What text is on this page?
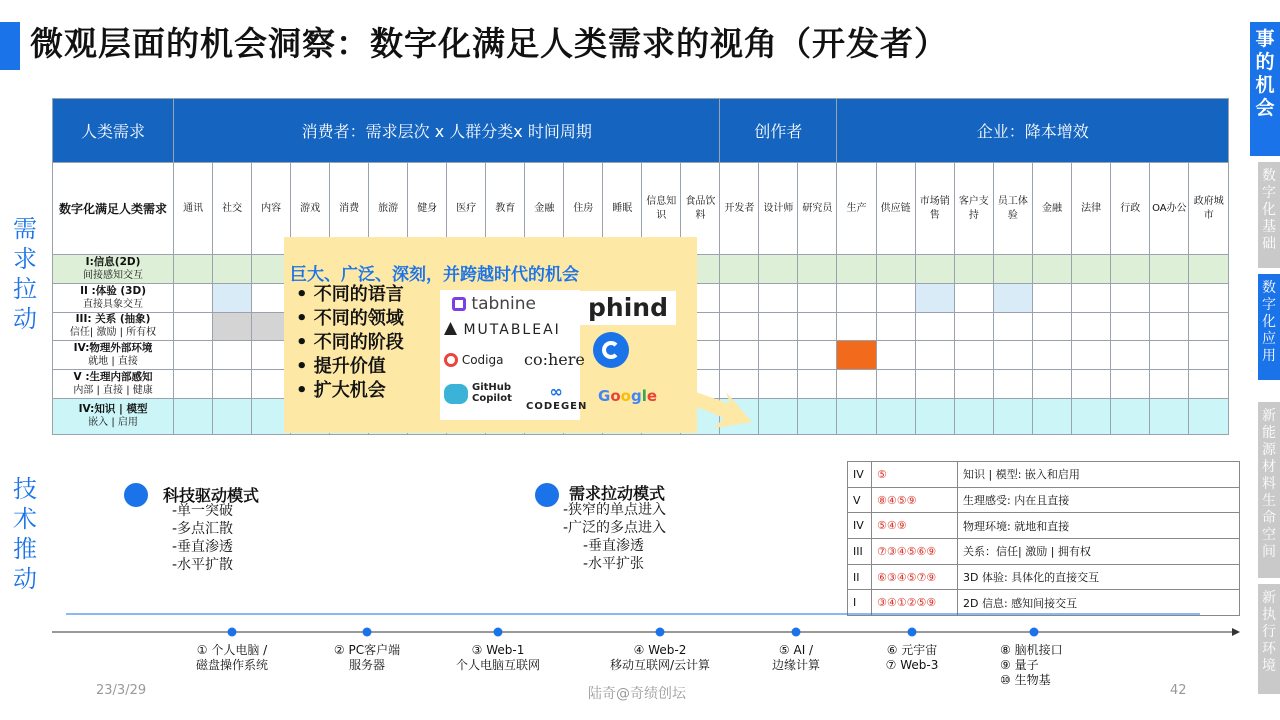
微观层面的机会洞察：数字化满足人类需求的视角（开发者）	事的机会
数字化基础
数字化应用
新能源材料生命空间
新执行环境
需求拉动
技术推动
人类需求	消费者：需求层次 x 人群分类x 时间周期														创作者			企业：降本增效									
数字化满足人类需求	通讯	社交	内容	游戏	消费	旅游	健身	医疗	教育	金融	住房	睡眠	信息知识	食品饮料	开发者	设计师	研究员	生产	供应链	市场销售	客户支持	员工体验	金融	法律	行政	OA办公	政府城市
I:信息(2D)
间接感知交互																											
II :体验 (3D)
直接具象交互																											
III: 关系 (抽象)
信任| 激励 | 所有权																											
IV:物理外部环境
就地 | 直接																											
V :生理内部感知
内部 | 直接 | 健康																											
IV:知识 | 模型
嵌入 | 启用																											
巨大、广泛、深刻，并跨越时代的机会
• 不同的语言
• 不同的领域
• 不同的阶段
• 提升价值
• 扩大机会
tabnine
MUTABLEAI
Codiga co:here
GitHub Copilot	∞
CODEGEN
phind
Google
科技驱动模式
-单一突破
-多点汇散
-垂直渗透
-水平扩散
需求拉动模式
-狭窄的单点进入
-广泛的多点进入
-垂直渗透
-水平扩张
IV	⑤	知识 | 模型: 嵌入和启用
V	⑧④⑤⑨	生理感受: 内在且直接
IV	⑤④⑨	物理环境: 就地和直接
III	⑦③④⑤⑥⑨	关系：信任| 激励 | 拥有权
II	⑥③④⑤⑦⑨	3D 体验: 具体化的直接交互
I	③④①②⑤⑨	2D 信息: 感知间接交互
① 个人电脑 /
磁盘操作系统
② PC客户端
服务器
③ Web-1
个人电脑互联网
④ Web-2
移动互联网/云计算
⑤ AI /
边缘计算
⑥ 元宇宙
⑦ Web-3
⑧ 脑机接口
⑨ 量子
⑩ 生物基
23/3/29	陆奇@奇绩创坛	42
